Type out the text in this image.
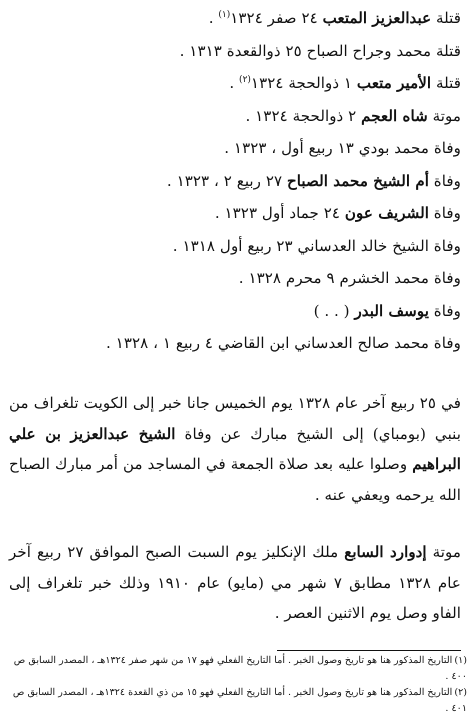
قتلة عبدالعزيز المتعب ٢٤ صفر ١٣٢٤$^{(١)}$ .
قتلة محمد وجراح الصباح ٢٥ ذوالقعدة ١٣١٣ .
قتلة الأمير متعب ١ ذوالحجة ١٣٢٤$^{(٢)}$ .
موتة شاه العجم ٢ ذوالحجة ١٣٢٤ .
وفاة محمد بودي ١٣ ربيع أول ، ١٣٢٣ .
وفاة أم الشيخ محمد الصباح ٢٧ ربيع ٢ ، ١٣٢٣ .
وفاة الشريف عون ٢٤ جماد أول ١٣٢٣ .
وفاة الشيخ خالد العدساني ٢٣ ربيع أول ١٣١٨ .
وفاة محمد الخشرم ٩ محرم ١٣٢٨ .
وفاة يوسف البدر ( . . )
وفاة محمد صالح العدساني ابن القاضي ٤ ربيع ١ ، ١٣٢٨ .

في ٢٥ ربيع آخر عام ١٣٢٨ يوم الخميس جانا خبر إلى الكويت تلغراف من بنبي (بومباي) إلى الشيخ مبارك عن وفاة الشيخ عبدالعزيز بن علي البراهيم وصلوا عليه بعد صلاة الجمعة في المساجد من أمر مبارك الصباح الله يرحمه ويعفي عنه .

موتة إدوارد السابع ملك الإنكليز يوم السبت الصبح الموافق ٢٧ ربيع آخر عام ١٣٢٨ مطابق ٧ شهر مي (مايو) عام ١٩١٠ وذلك خبر تلغراف إلى الفاو وصل يوم الاثنين العصر .

(١)التاريخ المذكور هنا هو تاريخ وصول الخبر . أما التاريخ الفعلي فهو ١٧ من شهر صفر ١٣٢٤هـ ، المصدر السابق ص ٤٠٠ .

(٢)التاريخ المذكور هنا هو تاريخ وصول الخبر . أما التاريخ الفعلي فهو ١٥ من ذي القعدة ١٣٢٤هـ ، المصدر السابق ص ٤٠١ .
